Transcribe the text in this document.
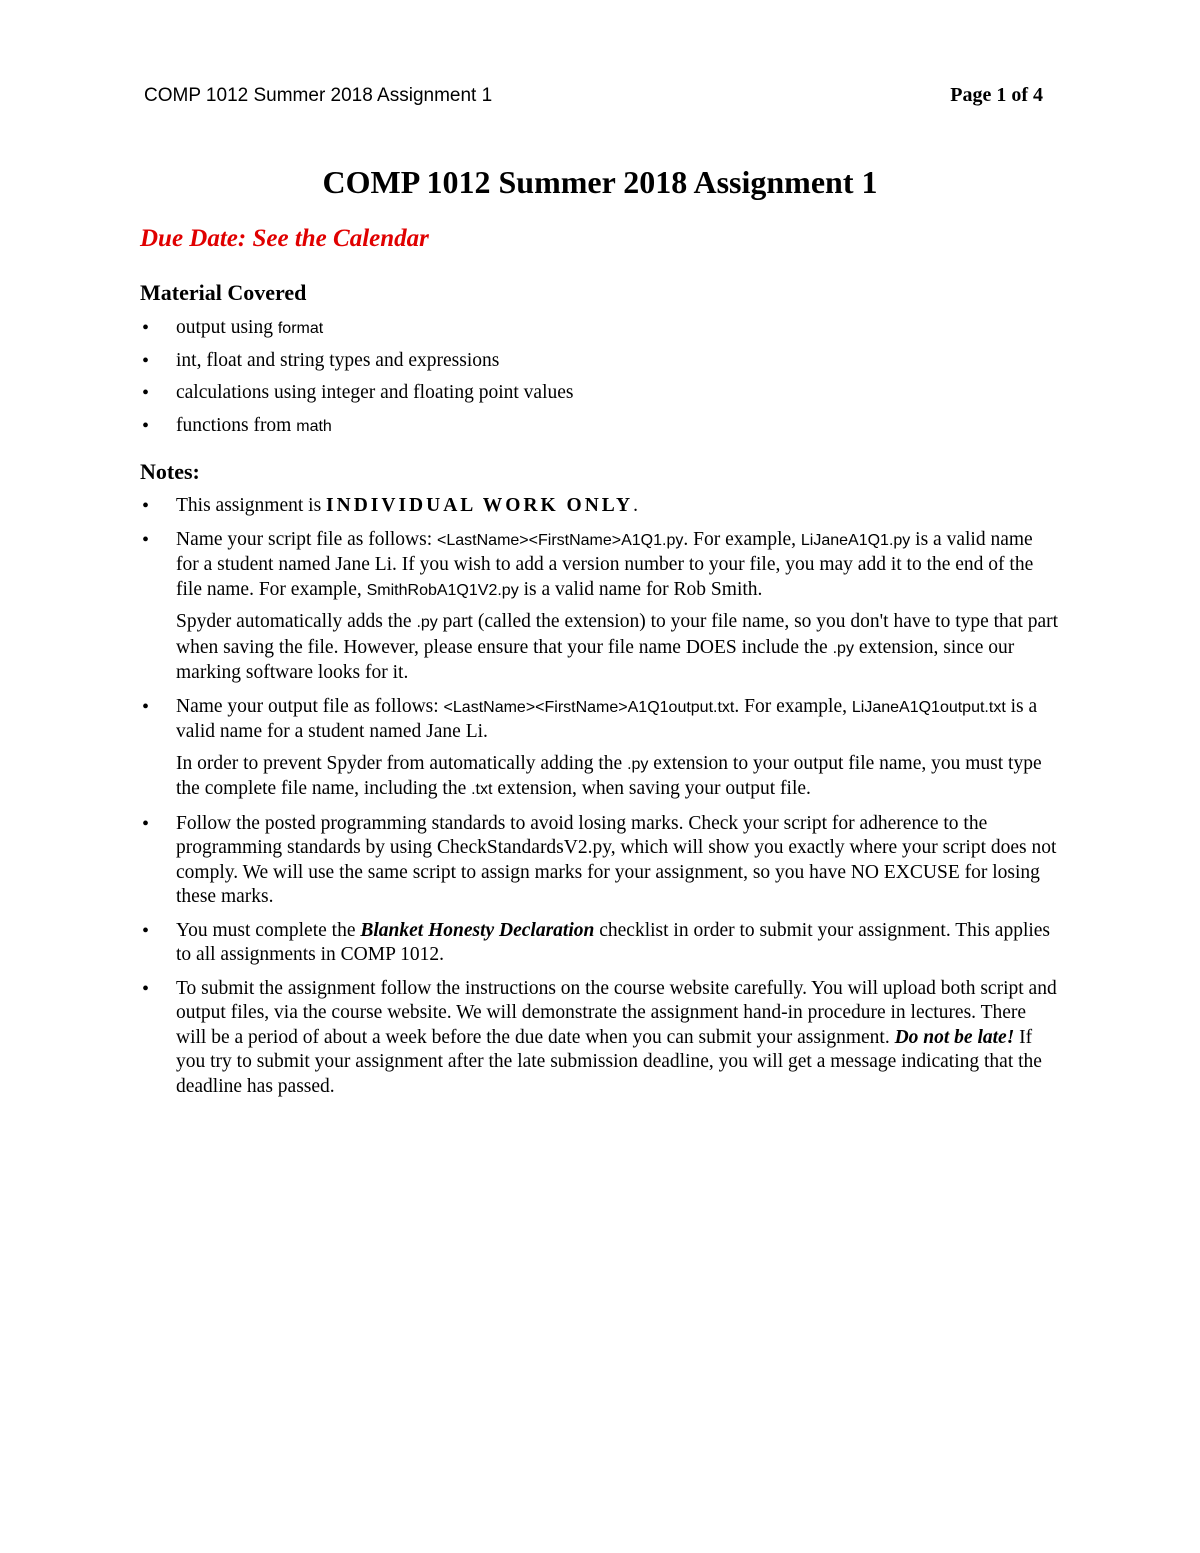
COMP 1012 Summer 2018 Assignment 1	Page 1 of 4
COMP 1012 Summer 2018 Assignment 1
Due Date: See the Calendar
Material Covered
• output using format
• int, float and string types and expressions
• calculations using integer and floating point values
• functions from math
Notes:
• This assignment is INDIVIDUAL WORK ONLY.
• Name your script file as follows: <LastName><FirstName>A1Q1.py. For example, LiJaneA1Q1.py is a valid name for a student named Jane Li. If you wish to add a version number to your file, you may add it to the end of the file name. For example, SmithRobA1Q1V2.py is a valid name for Rob Smith.

Spyder automatically adds the .py part (called the extension) to your file name, so you don't have to type that part when saving the file. However, please ensure that your file name DOES include the .py extension, since our marking software looks for it.

• Name your output file as follows: <LastName><FirstName>A1Q1output.txt. For example, LiJaneA1Q1output.txt is a valid name for a student named Jane Li.

In order to prevent Spyder from automatically adding the .py extension to your output file name, you must type the complete file name, including the .txt extension, when saving your output file.

• Follow the posted programming standards to avoid losing marks. Check your script for adherence to the programming standards by using CheckStandardsV2.py, which will show you exactly where your script does not comply. We will use the same script to assign marks for your assignment, so you have NO EXCUSE for losing these marks.
• You must complete the Blanket Honesty Declaration checklist in order to submit your assignment. This applies to all assignments in COMP 1012.
• To submit the assignment follow the instructions on the course website carefully. You will upload both script and output files, via the course website. We will demonstrate the assignment hand-in procedure in lectures. There will be a period of about a week before the due date when you can submit your assignment. Do not be late! If you try to submit your assignment after the late submission deadline, you will get a message indicating that the deadline has passed.
